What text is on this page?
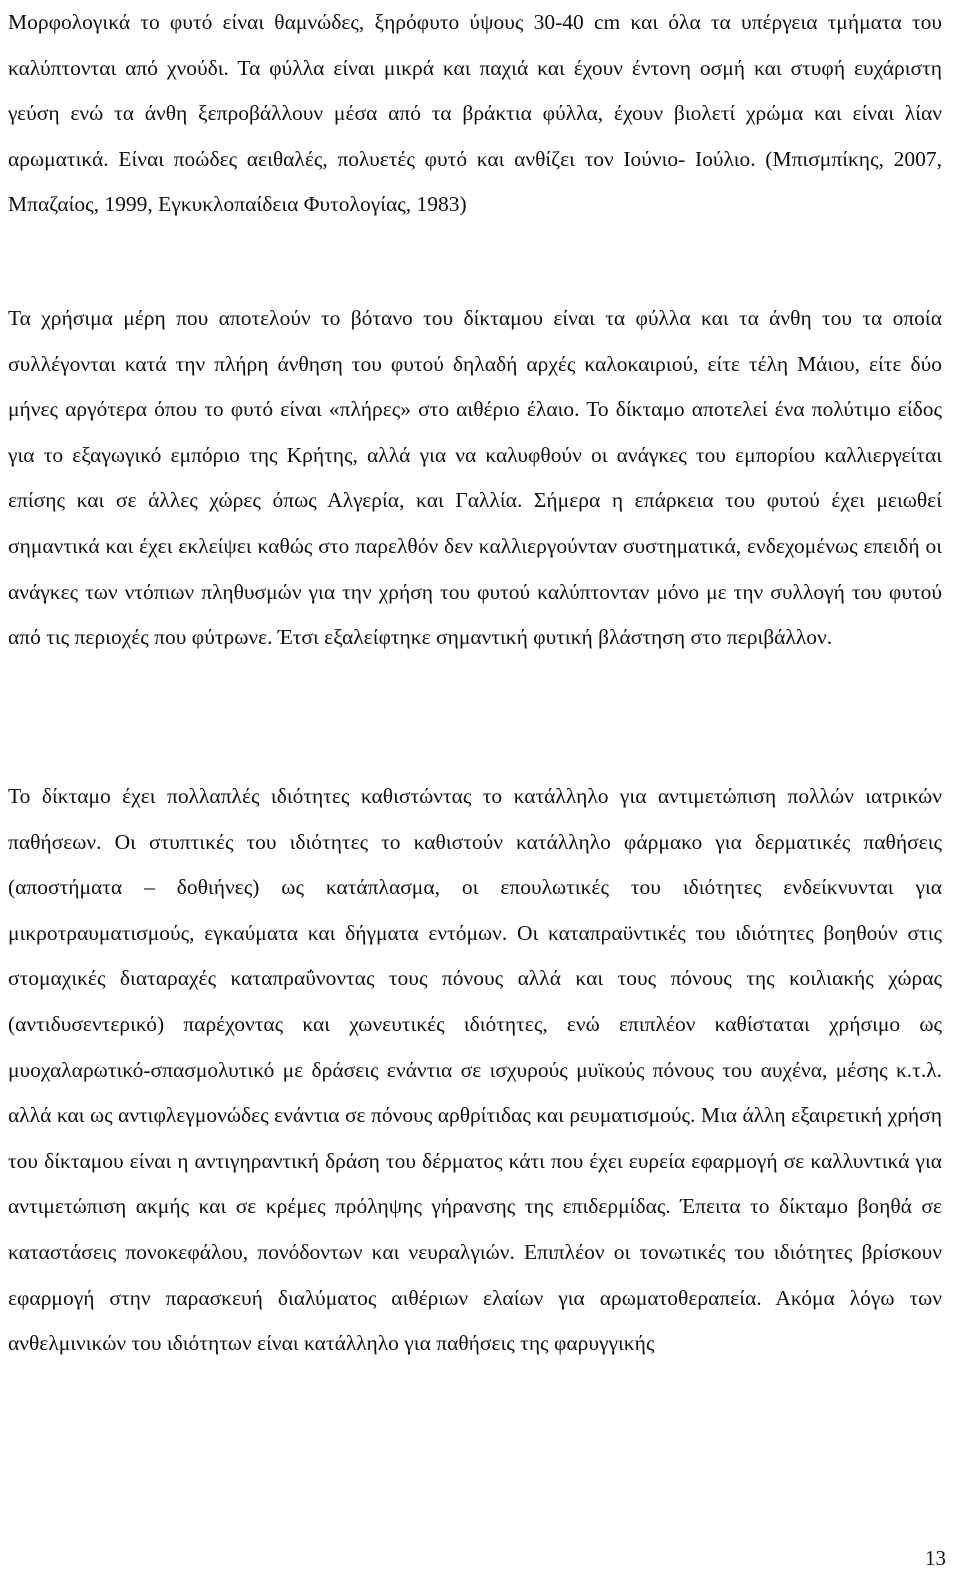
Μορφολογικά το φυτό είναι θαμνώδες, ξηρόφυτο ύψους 30-40 cm και όλα τα υπέργεια τμήματα του καλύπτονται από χνούδι. Τα φύλλα είναι μικρά και παχιά και έχουν έντονη οσμή και στυφή ευχάριστη γεύση ενώ τα άνθη ξεπροβάλλουν μέσα από τα βράκτια φύλλα, έχουν βιολετί χρώμα και είναι λίαν αρωματικά. Είναι ποώδες αειθαλές, πολυετές φυτό και ανθίζει τον Ιούνιο- Ιούλιο. (Μπισμπίκης, 2007, Μπαζαίος, 1999, Εγκυκλοπαίδεια Φυτολογίας, 1983)

Τα χρήσιμα μέρη που αποτελούν το βότανο του δίκταμου είναι τα φύλλα και τα άνθη του τα οποία συλλέγονται κατά την πλήρη άνθηση του φυτού δηλαδή αρχές καλοκαιριού, είτε τέλη Μάιου, είτε δύο μήνες αργότερα όπου το φυτό είναι «πλήρες» στο αιθέριο έλαιο. Το δίκταμο αποτελεί ένα πολύτιμο είδος για το εξαγωγικό εμπόριο της Κρήτης, αλλά για να καλυφθούν οι ανάγκες του εμπορίου καλλιεργείται επίσης και σε άλλες χώρες όπως Αλγερία, και Γαλλία. Σήμερα η επάρκεια του φυτού έχει μειωθεί σημαντικά και έχει εκλείψει καθώς στο παρελθόν δεν καλλιεργούνταν συστηματικά, ενδεχομένως επειδή οι ανάγκες των ντόπιων πληθυσμών για την χρήση του φυτού καλύπτονταν μόνο με την συλλογή του φυτού από τις περιοχές που φύτρωνε. Έτσι εξαλείφτηκε σημαντική φυτική βλάστηση στο περιβάλλον.

Το δίκταμο έχει πολλαπλές ιδιότητες καθιστώντας το κατάλληλο για αντιμετώπιση πολλών ιατρικών παθήσεων. Οι στυπτικές του ιδιότητες το καθιστούν κατάλληλο φάρμακο για δερματικές παθήσεις (αποστήματα – δοθιήνες) ως κατάπλασμα, οι επουλωτικές του ιδιότητες ενδείκνυνται για μικροτραυματισμούς, εγκαύματα και δήγματα εντόμων. Οι καταπραϋντικές του ιδιότητες βοηθούν στις στομαχικές διαταραχές καταπραΰνοντας τους πόνους αλλά και τους πόνους της κοιλιακής χώρας (αντιδυσεντερικό) παρέχοντας και χωνευτικές ιδιότητες, ενώ επιπλέον καθίσταται χρήσιμο ως μυοχαλαρωτικό-σπασμολυτικό με δράσεις ενάντια σε ισχυρούς μυϊκούς πόνους του αυχένα, μέσης κ.τ.λ. αλλά και ως αντιφλεγμονώδες ενάντια σε πόνους αρθρίτιδας και ρευματισμούς. Μια άλλη εξαιρετική χρήση του δίκταμου είναι η αντιγηραντική δράση του δέρματος κάτι που έχει ευρεία εφαρμογή σε καλλυντικά για αντιμετώπιση ακμής και σε κρέμες πρόληψης γήρανσης της επιδερμίδας. Έπειτα το δίκταμο βοηθά σε καταστάσεις πονοκεφάλου, πονόδοντων και νευραλγιών. Επιπλέον οι τονωτικές του ιδιότητες βρίσκουν εφαρμογή στην παρασκευή διαλύματος αιθέριων ελαίων για αρωματοθεραπεία. Ακόμα λόγω των ανθελμινικών του ιδιότητων είναι κατάλληλο για παθήσεις της φαρυγγικής

13
